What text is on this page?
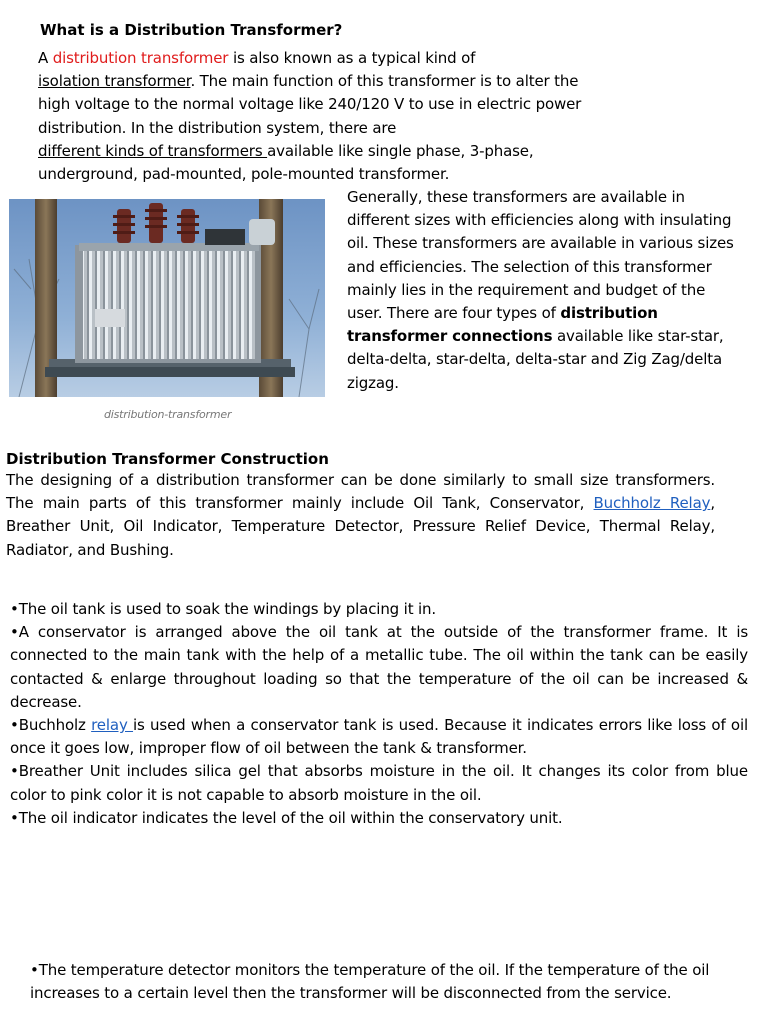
What is a Distribution Transformer?
A distribution transformer is also known as a typical kind of
isolation transformer. The main function of this transformer is to alter the
high voltage to the normal voltage like 240/120 V to use in electric power
distribution. In the distribution system, there are
different kinds of transformers available like single phase, 3-phase,
underground, pad-mounted, pole-mounted transformer.
distribution-transformer
Generally, these transformers are available in different sizes with efficiencies along with insulating oil. These transformers are available in various sizes and efficiencies. The selection of this transformer mainly lies in the requirement and budget of the user. There are four types of distribution transformer connections available like star-star, delta-delta, star-delta, delta-star and Zig Zag/delta zigzag.
Distribution Transformer Construction
The designing of a distribution transformer can be done similarly to small size transformers. The main parts of this transformer mainly include Oil Tank, Conservator, Buchholz Relay, Breather Unit, Oil Indicator, Temperature Detector, Pressure Relief Device, Thermal Relay, Radiator, and Bushing.
•The oil tank is used to soak the windings by placing it in.
•A conservator is arranged above the oil tank at the outside of the transformer frame. It is connected to the main tank with the help of a metallic tube. The oil within the tank can be easily contacted & enlarge throughout loading so that the temperature of the oil can be increased & decrease.
•Buchholz relay is used when a conservator tank is used. Because it indicates errors like loss of oil once it goes low, improper flow of oil between the tank & transformer.
•Breather Unit includes silica gel that absorbs moisture in the oil. It changes its color from blue color to pink color it is not capable to absorb moisture in the oil.
•The oil indicator indicates the level of the oil within the conservatory unit.
•The temperature detector monitors the temperature of the oil. If the temperature of the oil increases to a certain level then the transformer will be disconnected from the service.
